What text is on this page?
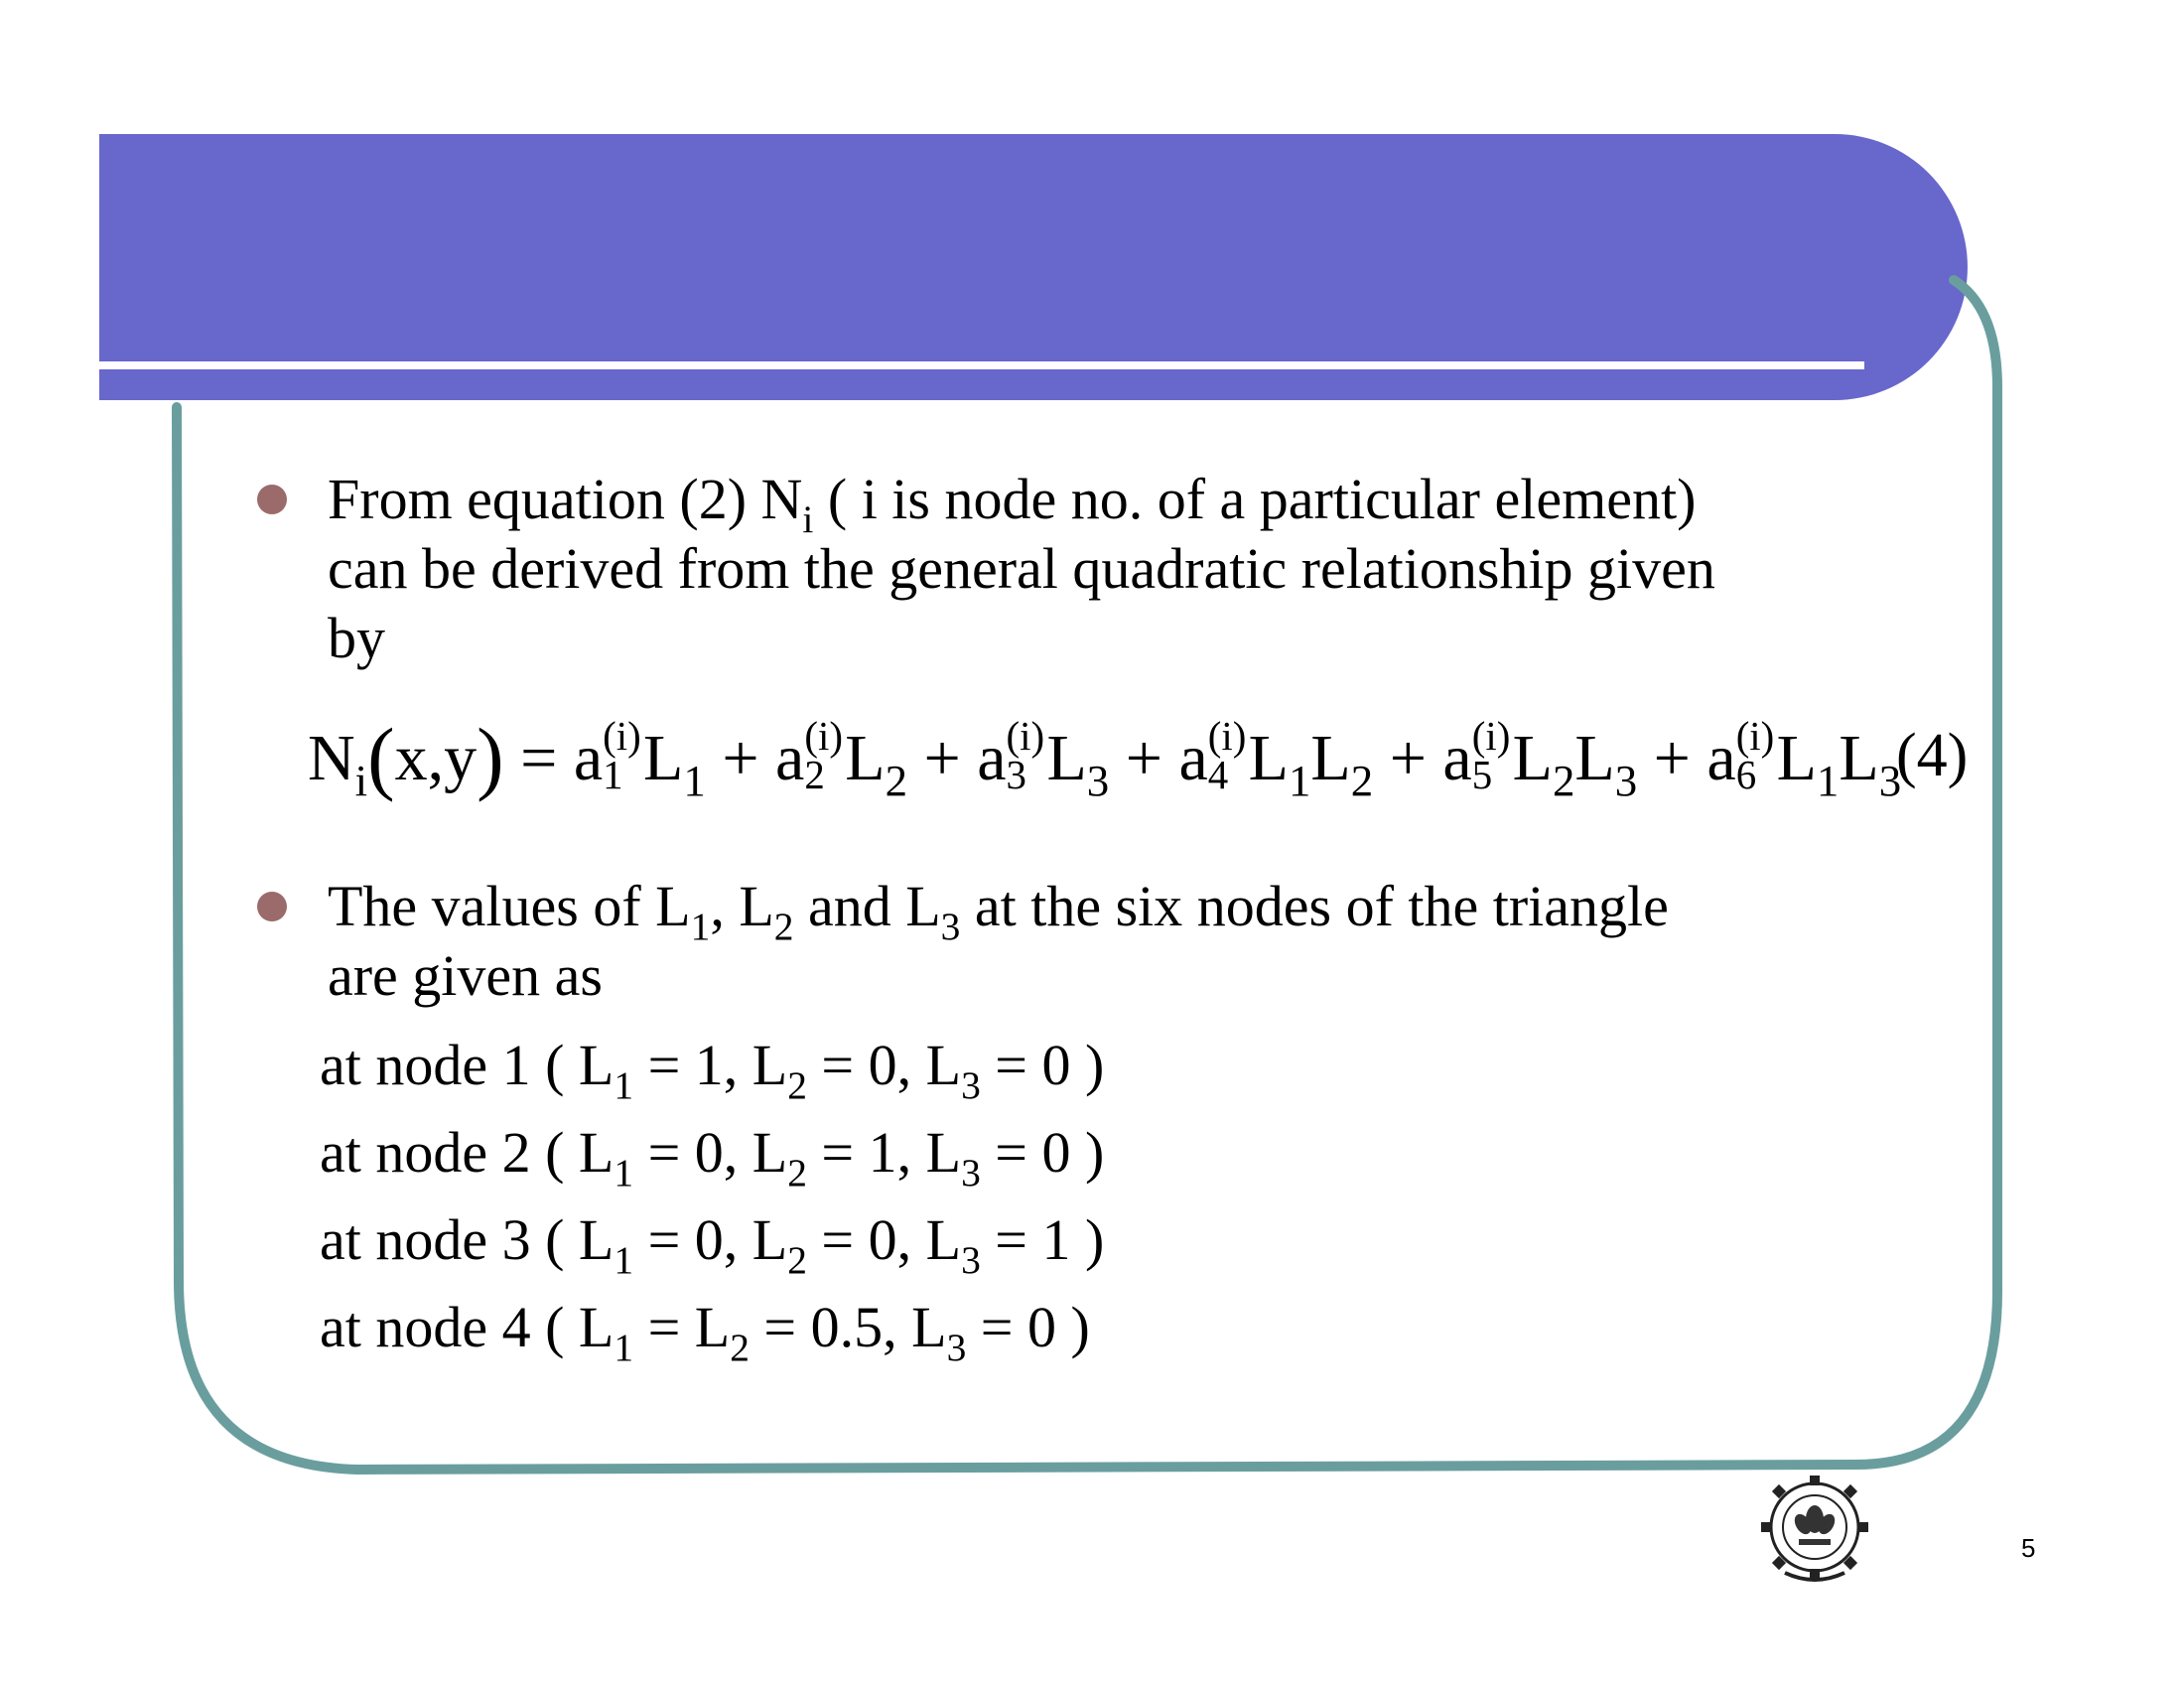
From equation (2) $N_i$ ( i is node no. of a particular element)
can be derived from the general quadratic relationship given
by
$N_i(x,y) = a$ (i)
1 $L_1 + a$ (i)
2 $L_2 + a$ (i)
3 $L_3 + a$ (i)
4 $L_1L_2 + a$ (i)
5 $L_2L_3 + a$ (i)
6 $L_1L_3$
(4)
The values of $L_1$, $L_2$ and $L_3$ at the six nodes of the triangle
are given as
at node 1 ( $L_1 = 1$, $L_2 = 0$, $L_3 = 0$ )
at node 2 ( $L_1 = 0$, $L_2 = 1$, $L_3 = 0$ )
at node 3 ( $L_1 = 0$, $L_2 = 0$, $L_3 = 1$ )
at node 4 ( $L_1 = L_2 = 0.5$, $L_3 = 0$ )
5
